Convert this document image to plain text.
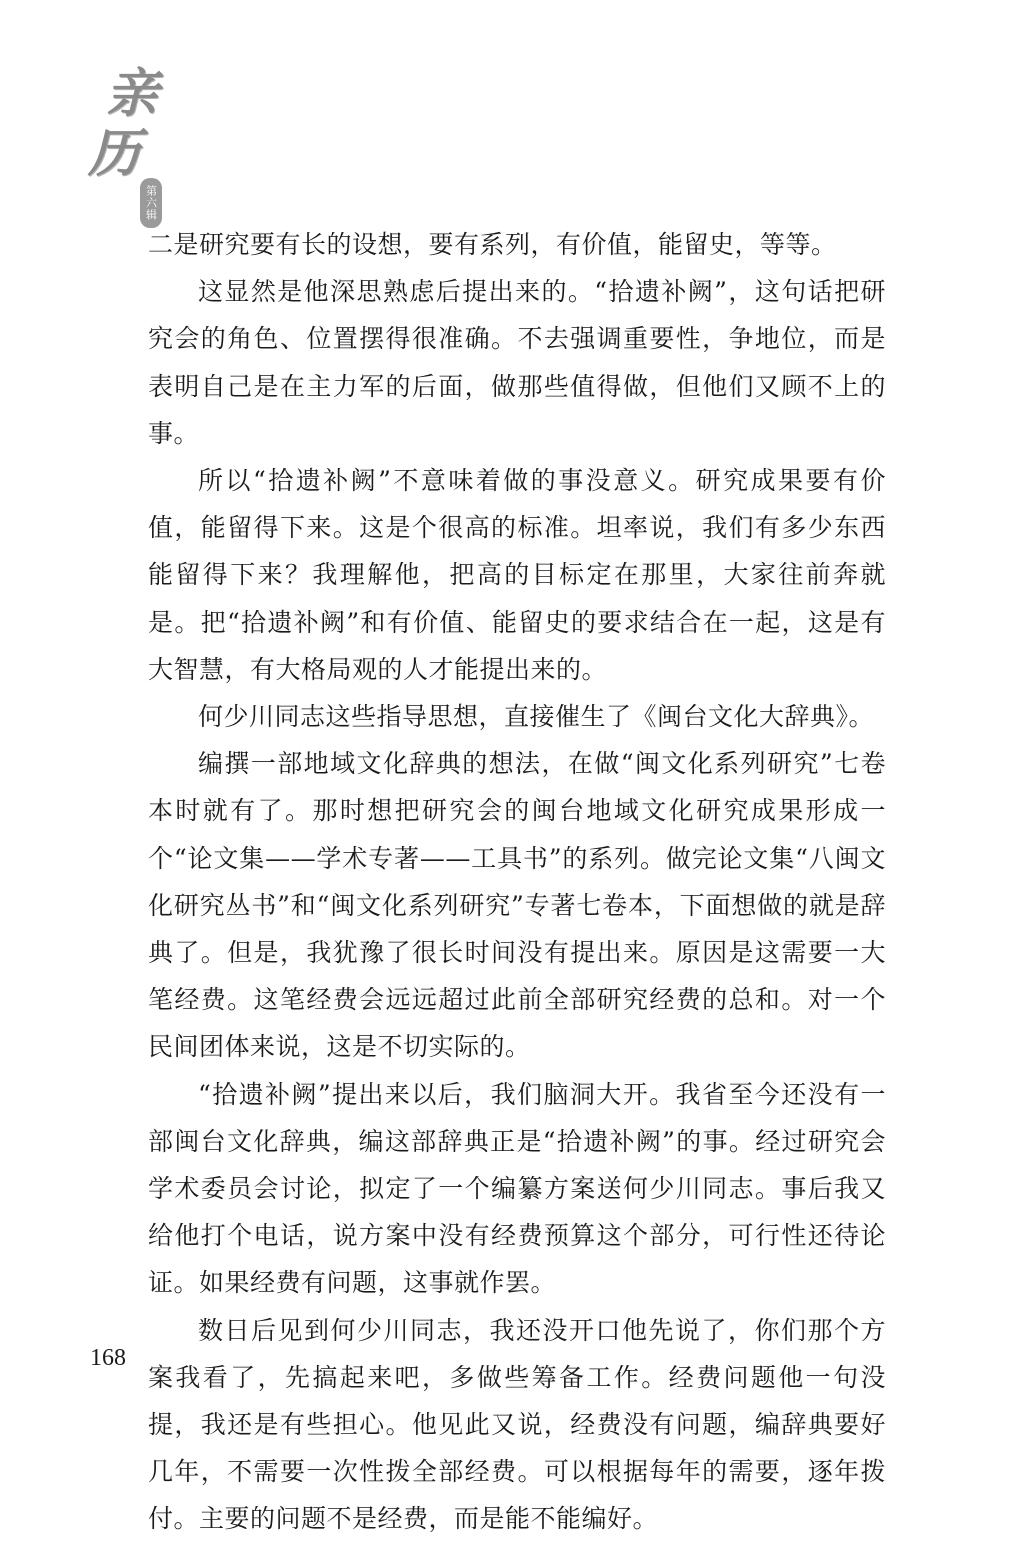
亲
历
第六辑

二是研究要有长的设想，要有系列，有价值，能留史，等等。

这显然是他深思熟虑后提出来的。“拾遗补阙”，这句话把研究会的角色、位置摆得很准确。不去强调重要性，争地位，而是表明自己是在主力军的后面，做那些值得做，但他们又顾不上的事。

所以“拾遗补阙”不意味着做的事没意义。研究成果要有价值，能留得下来。这是个很高的标准。坦率说，我们有多少东西能留得下来？我理解他，把高的目标定在那里，大家往前奔就是。把“拾遗补阙”和有价值、能留史的要求结合在一起，这是有大智慧，有大格局观的人才能提出来的。

何少川同志这些指导思想，直接催生了《闽台文化大辞典》。

编撰一部地域文化辞典的想法，在做“闽文化系列研究”七卷本时就有了。那时想把研究会的闽台地域文化研究成果形成一个“论文集——学术专著——工具书”的系列。做完论文集“八闽文化研究丛书”和“闽文化系列研究”专著七卷本，下面想做的就是辞典了。但是，我犹豫了很长时间没有提出来。原因是这需要一大笔经费。这笔经费会远远超过此前全部研究经费的总和。对一个民间团体来说，这是不切实际的。

“拾遗补阙”提出来以后，我们脑洞大开。我省至今还没有一部闽台文化辞典，编这部辞典正是“拾遗补阙”的事。经过研究会学术委员会讨论，拟定了一个编纂方案送何少川同志。事后我又给他打个电话，说方案中没有经费预算这个部分，可行性还待论证。如果经费有问题，这事就作罢。

数日后见到何少川同志，我还没开口他先说了，你们那个方案我看了，先搞起来吧，多做些筹备工作。经费问题他一句没提，我还是有些担心。他见此又说，经费没有问题，编辞典要好几年，不需要一次性拨全部经费。可以根据每年的需要，逐年拨付。主要的问题不是经费，而是能不能编好。

168
